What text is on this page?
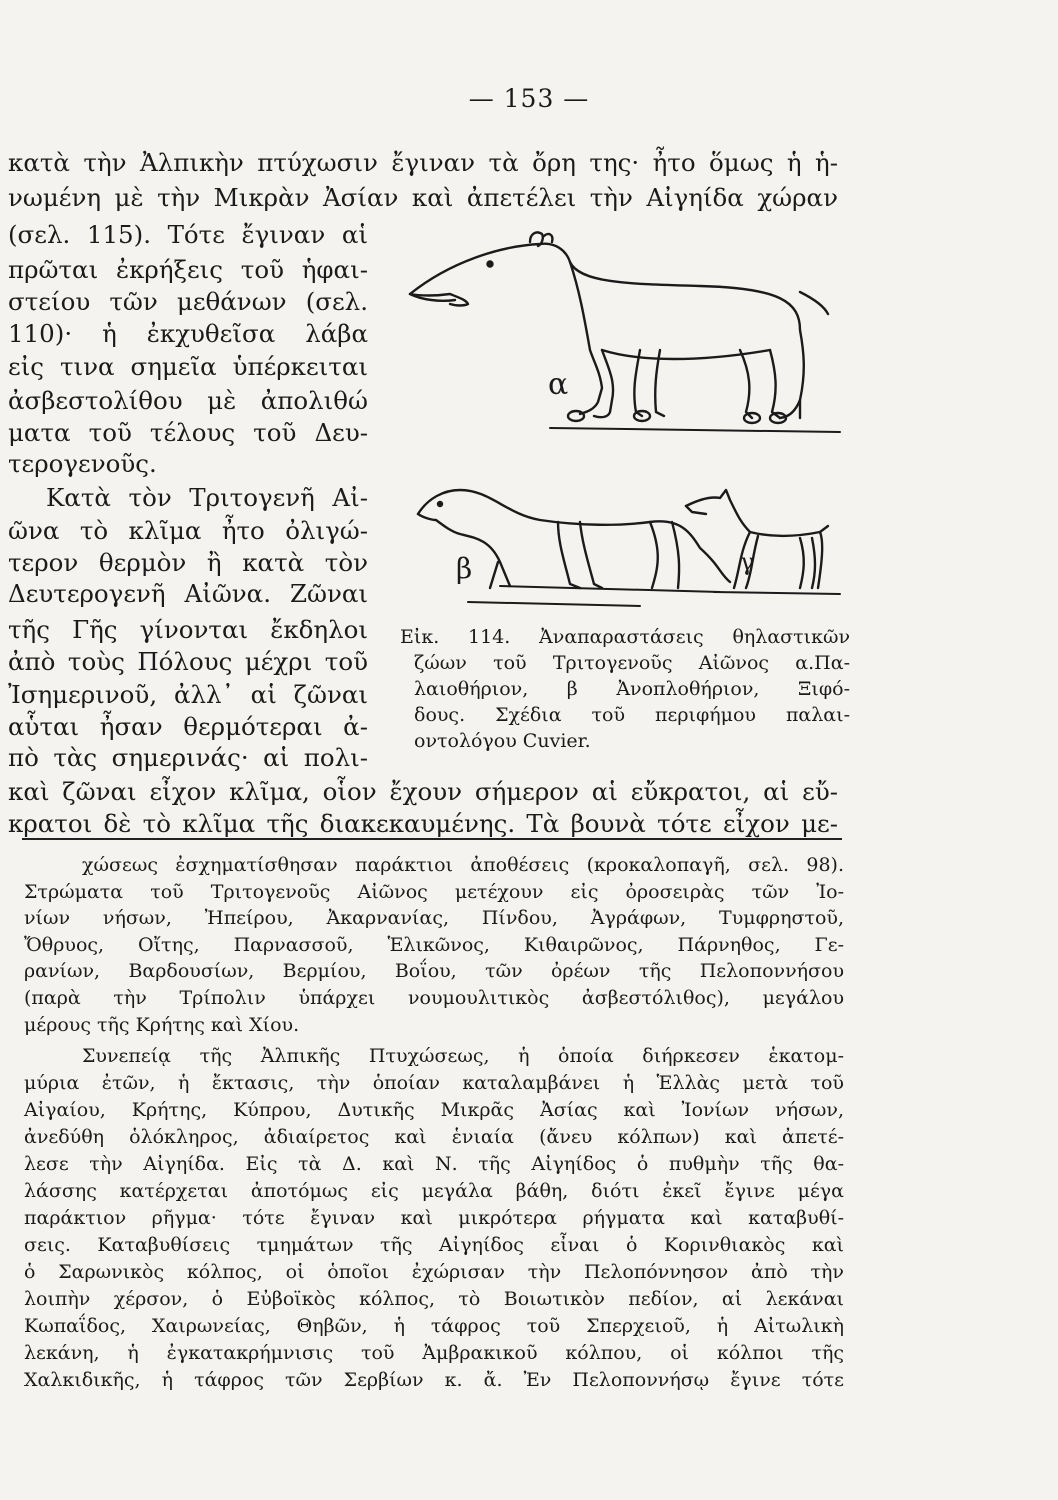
— 153 —
κατὰ τὴν Ἀλπικὴν πτύχωσιν ἔγιναν τὰ ὄρη της· ἦτο ὅμως ἡ ἡ-
νωμένη μὲ τὴν Μικρὰν Ἀσίαν καὶ ἀπετέλει τὴν Αἰγηίδα χώραν
(σελ. 115). Τότε ἔγιναν αἱ
πρῶται ἐκρήξεις τοῦ ἡφαι-
στείου τῶν μεθάνων (σελ.
110)· ἡ ἐκχυθεῖσα λάβα
εἰς τινα σημεῖα ὑπέρκειται
ἀσβεστολίθου μὲ ἀπολιθώ
ματα τοῦ τέλους τοῦ Δευ-
τερογενοῦς.
Κατὰ τὸν Τριτογενῆ Αἰ-
ῶνα τὸ κλῖμα ἦτο ὀλιγώ-
τερον θερμὸν ἢ κατὰ τὸν
Δευτερογενῆ Αἰῶνα. Ζῶναι
τῆς Γῆς γίνονται ἔκδηλοι
ἀπὸ τοὺς Πόλους μέχρι τοῦ
Ἰσημερινοῦ, ἀλλ᾽ αἱ ζῶναι
αὗται ἦσαν θερμότεραι ἀ-
πὸ τὰς σημερινάς· αἱ πολι-
καὶ ζῶναι εἶχον κλῖμα, οἷον ἔχουν σήμερον αἱ εὔκρατοι, αἱ εὔ-
κρατοι δὲ τὸ κλῖμα τῆς διακεκαυμένης. Τὰ βουνὰ τότε εἶχον με-
α
β	γ
Εἰκ. 114. Ἀναπαραστάσεις θηλαστικῶν
ζώων τοῦ Τριτογενοῦς Αἰῶνος α.Πα-
λαιοθήριον, β Ἀνοπλοθήριον, Ξιφό-
δους. Σχέδια τοῦ περιφήμου παλαι-
οντολόγου Cuvier.
χώσεως ἐσχηματίσθησαν παράκτιοι ἀποθέσεις (κροκαλοπαγῆ, σελ. 98).
Στρώματα τοῦ Τριτογενοῦς Αἰῶνος μετέχουν εἰς ὀροσειρὰς τῶν Ἰο-
νίων νήσων, Ἠπείρου, Ἀκαρνανίας, Πίνδου, Ἀγράφων, Τυμφρηστοῦ,
Ὄθρυος, Οἴτης, Παρνασσοῦ, Ἑλικῶνος, Κιθαιρῶνος, Πάρνηθος, Γε-
ρανίων, Βαρδουσίων, Βερμίου, Βοΐου, τῶν ὀρέων τῆς Πελοποννήσου
(παρὰ τὴν Τρίπολιν ὑπάρχει νουμουλιτικὸς ἀσβεστόλιθος), μεγάλου
μέρους τῆς Κρήτης καὶ Χίου.
Συνεπείᾳ τῆς Ἀλπικῆς Πτυχώσεως, ἡ ὁποία διήρκεσεν ἑκατομ-
μύρια ἐτῶν, ἡ ἔκτασις, τὴν ὁποίαν καταλαμβάνει ἡ Ἑλλὰς μετὰ τοῦ
Αἰγαίου, Κρήτης, Κύπρου, Δυτικῆς Μικρᾶς Ἀσίας καὶ Ἰονίων νήσων,
ἀνεδύθη ὁλόκληρος, ἀδιαίρετος καὶ ἑνιαία (ἄνευ κόλπων) καὶ ἀπετέ-
λεσε τὴν Αἰγηίδα. Εἰς τὰ Δ. καὶ Ν. τῆς Αἰγηίδος ὁ πυθμὴν τῆς θα-
λάσσης κατέρχεται ἀποτόμως εἰς μεγάλα βάθη, διότι ἐκεῖ ἔγινε μέγα
παράκτιον ρῆγμα· τότε ἔγιναν καὶ μικρότερα ρήγματα καὶ καταβυθί-
σεις. Καταβυθίσεις τμημάτων τῆς Αἰγηίδος εἶναι ὁ Κορινθιακὸς καὶ
ὁ Σαρωνικὸς κόλπος, οἱ ὁποῖοι ἐχώρισαν τὴν Πελοπόννησον ἀπὸ τὴν
λοιπὴν χέρσον, ὁ Εὐβοϊκὸς κόλπος, τὸ Βοιωτικὸν πεδίον, αἱ λεκάναι
Κωπαΐδος, Χαιρωνείας, Θηβῶν, ἡ τάφρος τοῦ Σπερχειοῦ, ἡ Αἰτωλικὴ
λεκάνη, ἡ ἐγκατακρήμνισις τοῦ Ἀμβρακικοῦ κόλπου, οἱ κόλποι τῆς
Χαλκιδικῆς, ἡ τάφρος τῶν Σερβίων κ. ἄ. Ἐν Πελοποννήσῳ ἔγινε τότε
